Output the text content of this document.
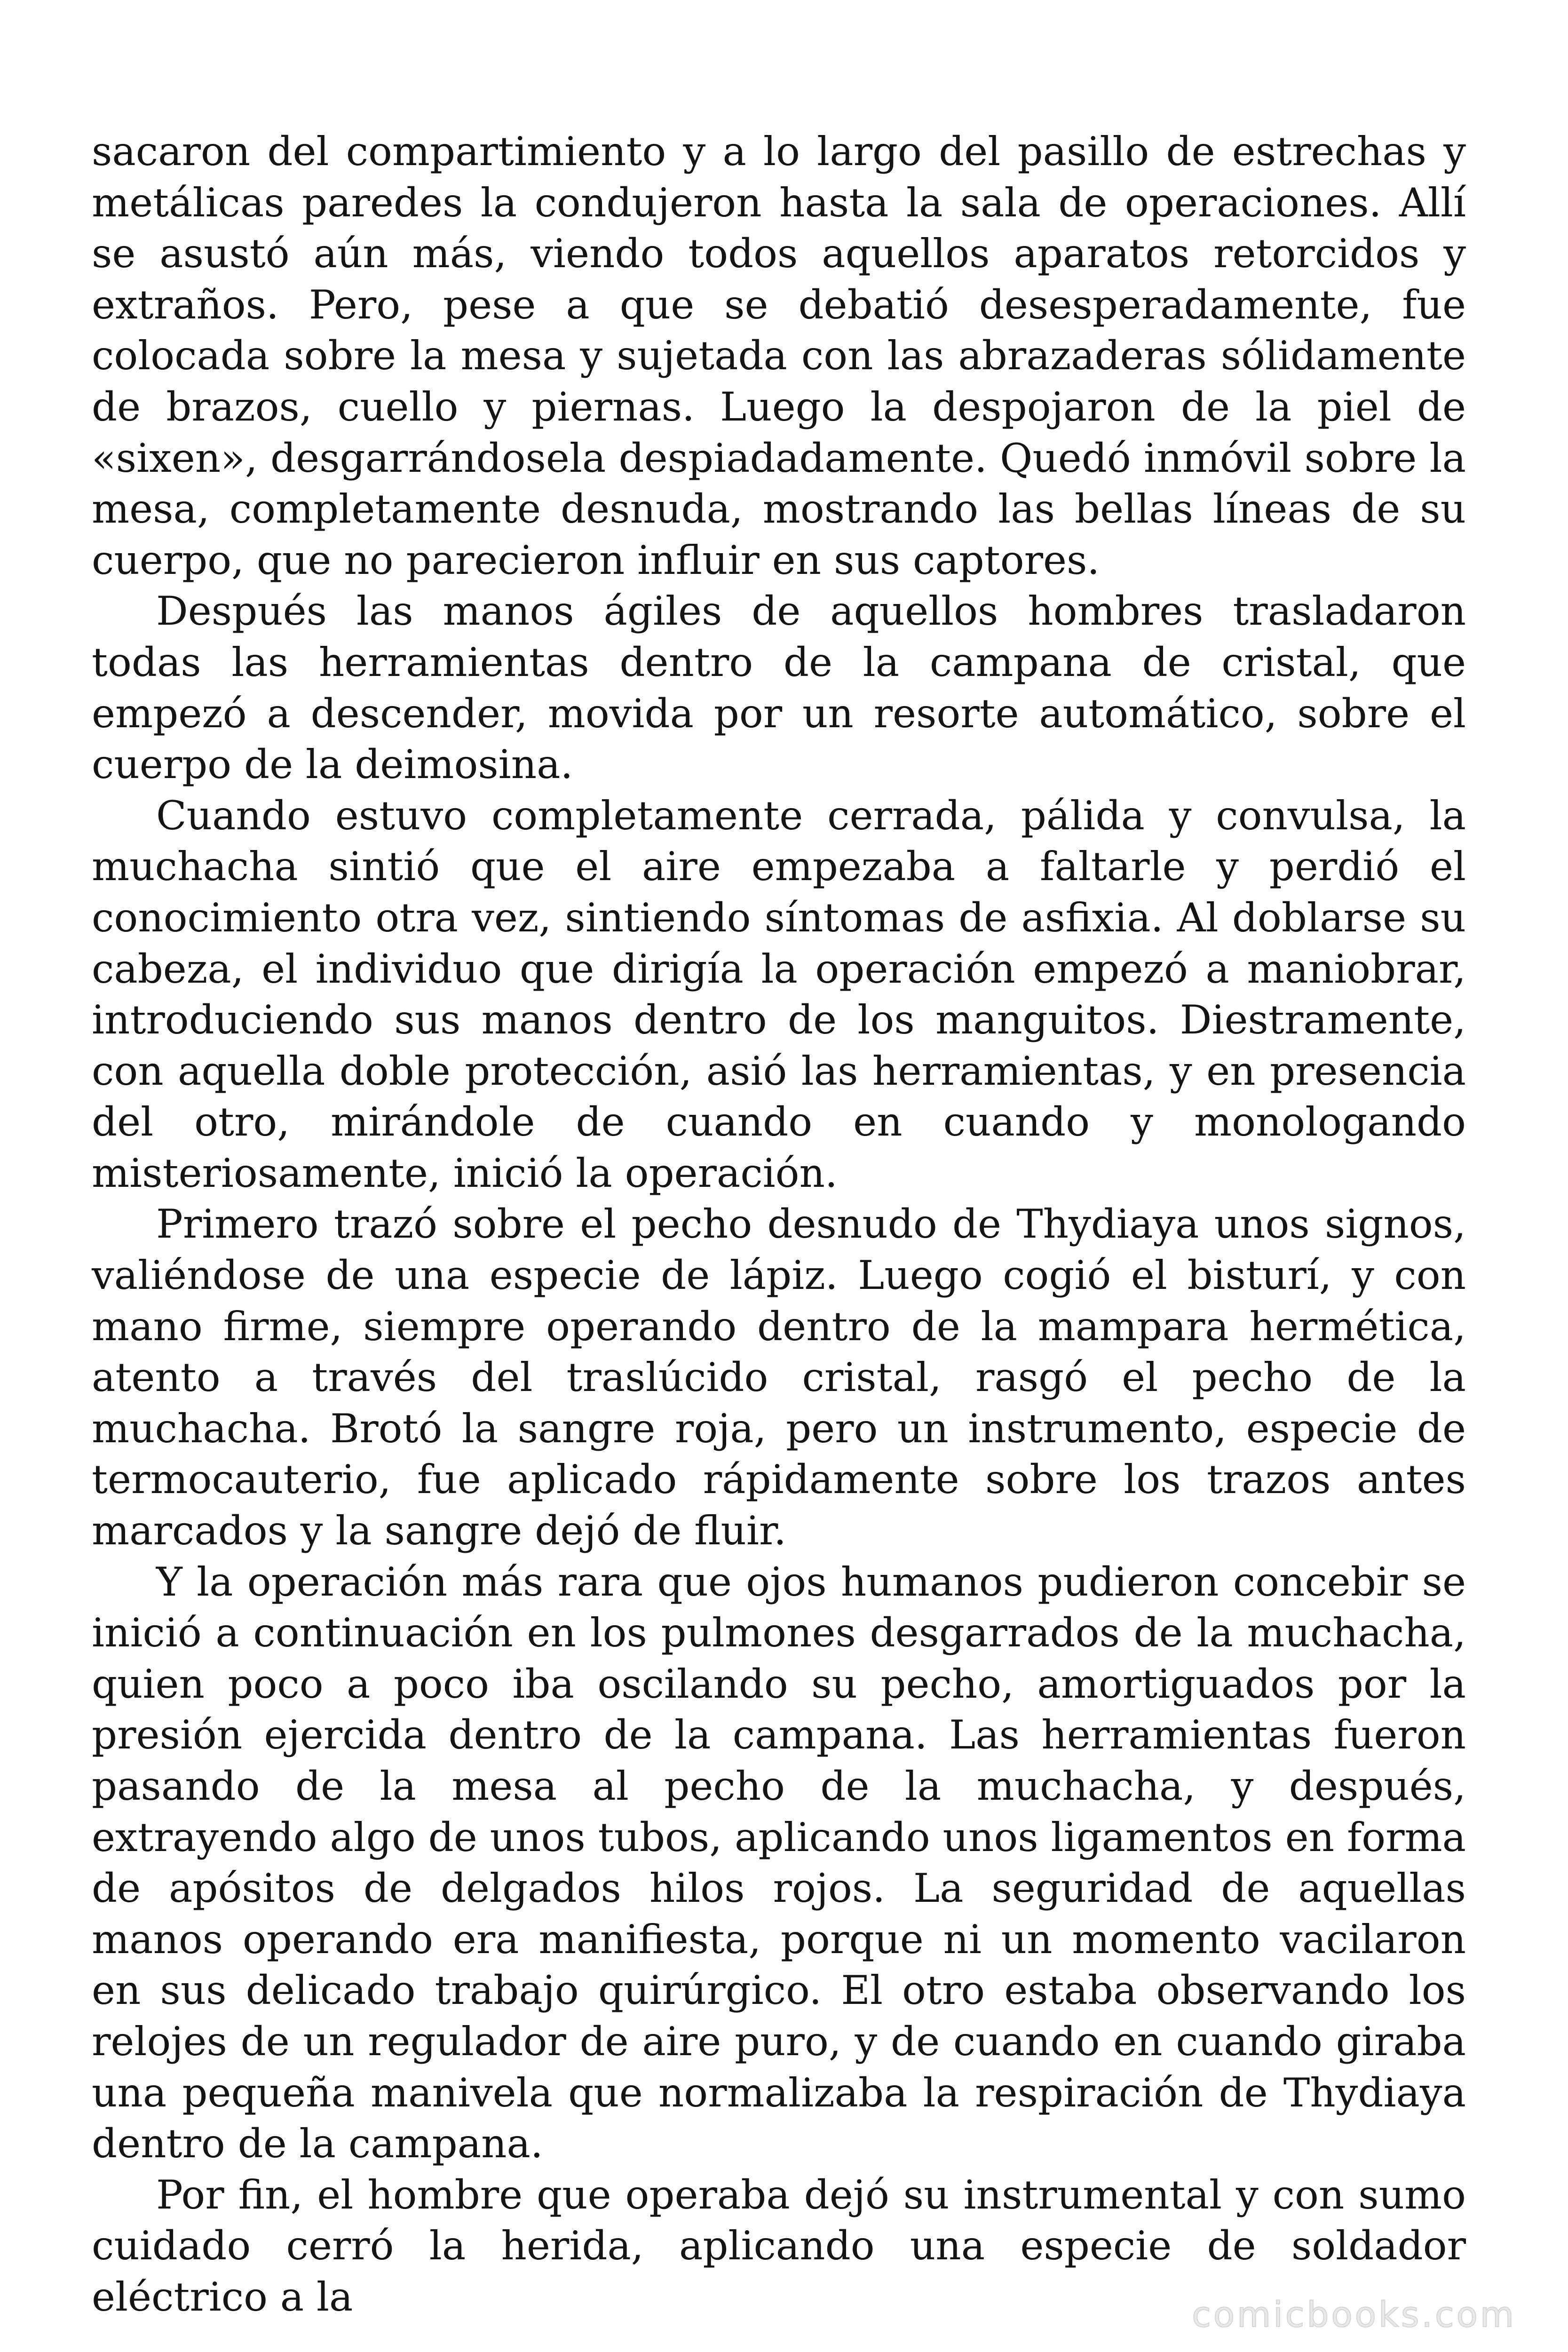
sacaron del compartimiento y a lo largo del pasillo de estrechas y metálicas paredes la condujeron hasta la sala de operaciones. Allí se asustó aún más, viendo todos aquellos aparatos retorcidos y extraños. Pero, pese a que se debatió desesperadamente, fue colocada sobre la mesa y sujetada con las abrazaderas sólidamente de brazos, cuello y piernas. Luego la despojaron de la piel de «sixen», desgarrándosela despiadadamente. Quedó inmóvil sobre la mesa, completamente desnuda, mostrando las bellas líneas de su cuerpo, que no parecieron influir en sus captores.

Después las manos ágiles de aquellos hombres trasladaron todas las herramientas dentro de la campana de cristal, que empezó a descender, movida por un resorte automático, sobre el cuerpo de la deimosina.

Cuando estuvo completamente cerrada, pálida y convulsa, la muchacha sintió que el aire empezaba a faltarle y perdió el conocimiento otra vez, sintiendo síntomas de asfixia. Al doblarse su cabeza, el individuo que dirigía la operación empezó a maniobrar, introduciendo sus manos dentro de los manguitos. Diestramente, con aquella doble protección, asió las herramientas, y en presencia del otro, mirándole de cuando en cuando y monologando misteriosamente, inició la operación.

Primero trazó sobre el pecho desnudo de Thydiaya unos signos, valiéndose de una especie de lápiz. Luego cogió el bisturí, y con mano firme, siempre operando dentro de la mampara hermética, atento a través del traslúcido cristal, rasgó el pecho de la muchacha. Brotó la sangre roja, pero un instrumento, especie de termocauterio, fue aplicado rápidamente sobre los trazos antes marcados y la sangre dejó de fluir.

Y la operación más rara que ojos humanos pudieron concebir se inició a continuación en los pulmones desgarrados de la muchacha, quien poco a poco iba oscilando su pecho, amortiguados por la presión ejercida dentro de la campana. Las herramientas fueron pasando de la mesa al pecho de la muchacha, y después, extrayendo algo de unos tubos, aplicando unos ligamentos en forma de apósitos de delgados hilos rojos. La seguridad de aquellas manos operando era manifiesta, porque ni un momento vacilaron en sus delicado trabajo quirúrgico. El otro estaba observando los relojes de un regulador de aire puro, y de cuando en cuando giraba una pequeña manivela que normalizaba la respiración de Thydiaya dentro de la campana.

Por fin, el hombre que operaba dejó su instrumental y con sumo cuidado cerró la herida, aplicando una especie de soldador eléctrico a la	comicbooks.com
